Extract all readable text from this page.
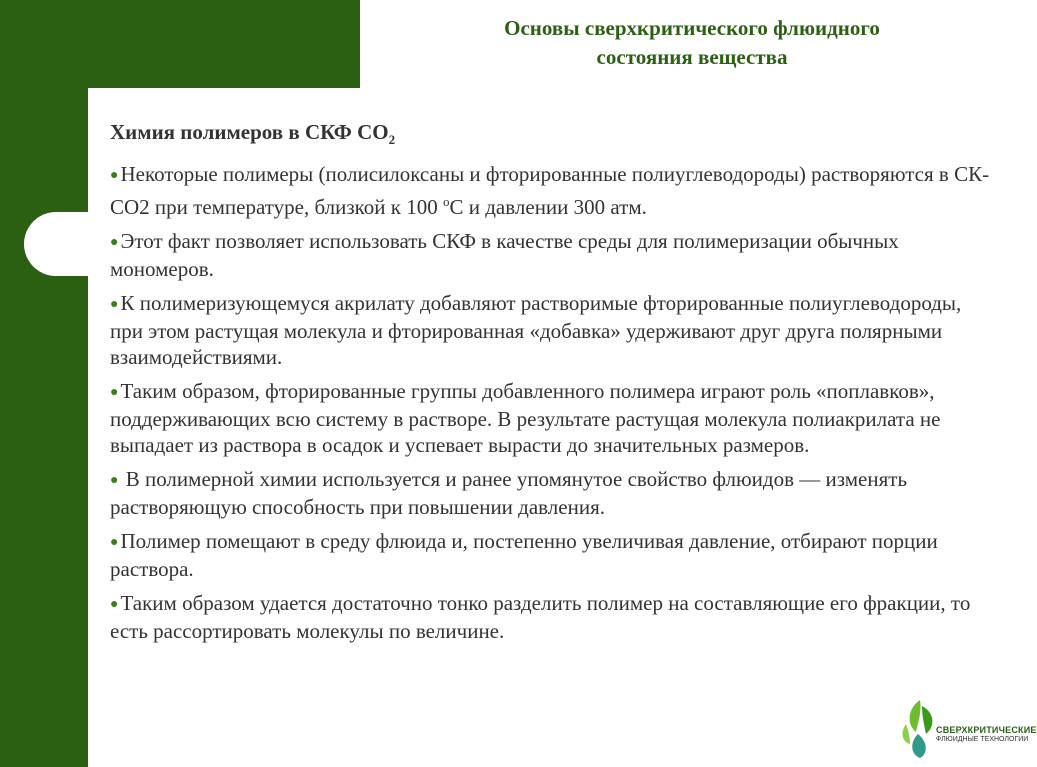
Основы сверхкритического флюидного
состояния вещества
Химия полимеров в СКФ $СО_2$
●Некоторые полимеры (полисилоксаны и фторированные полиуглеводороды) растворяются в СК-СО2 при температуре, близкой к 100 $^о$С и давлении 300 атм.
●Этот факт позволяет использовать СКФ в качестве среды для полимеризации обычных мономеров.
●К полимеризующемуся акрилату добавляют растворимые фторированные полиуглеводороды, при этом растущая молекула и фторированная «добавка» удерживают друг друга полярными взаимодействиями.
●Таким образом, фторированные группы добавленного полимера играют роль «поплавков», поддерживающих всю систему в растворе. В результате растущая молекула полиакрилата не выпадает из раствора в осадок и успевает вырасти до значительных размеров.
● В полимерной химии используется и ранее упомянутое свойство флюидов — изменять растворяющую способность при повышении давления.
●Полимер помещают в среду флюида и, постепенно увеличивая давление, отбирают порции раствора.
●Таким образом удается достаточно тонко разделить полимер на составляющие его фракции, то есть рассортировать молекулы по величине.
СВЕРХКРИТИЧЕСКИЕ
ФЛЮИДНЫЕ ТЕХНОЛОГИИ
